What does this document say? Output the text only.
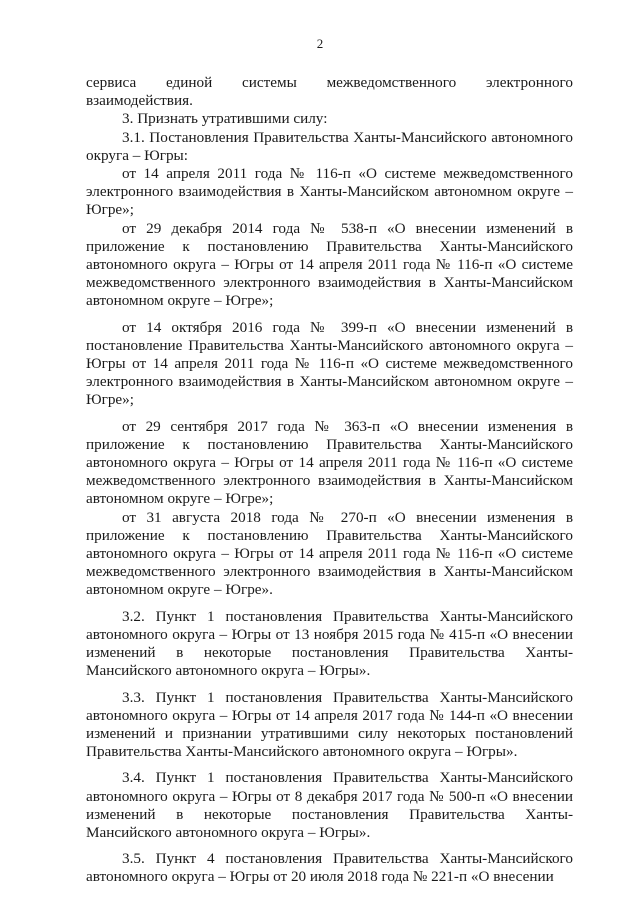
2

сервиса единой системы межведомственного электронного

взаимодействия.

3. Признать утратившими силу:

3.1. Постановления Правительства Ханты-Мансийского автономного округа – Югры:

от 14 апреля 2011 года № 116-п «О системе межведомственного электронного взаимодействия в Ханты-Мансийском автономном округе – Югре»;

от 29 декабря 2014 года № 538-п «О внесении изменений в приложение к постановлению Правительства Ханты-Мансийского автономного округа – Югры от 14 апреля 2011 года № 116-п «О системе межведомственного электронного взаимодействия в Ханты-Мансийском автономном округе – Югре»;

от 14 октября 2016 года № 399-п «О внесении изменений в постановление Правительства Ханты-Мансийского автономного округа – Югры от 14 апреля 2011 года № 116-п «О системе межведомственного электронного взаимодействия в Ханты-Мансийском автономном округе – Югре»;

от 29 сентября 2017 года № 363-п «О внесении изменения в приложение к постановлению Правительства Ханты-Мансийского автономного округа – Югры от 14 апреля 2011 года № 116-п «О системе межведомственного электронного взаимодействия в Ханты-Мансийском автономном округе – Югре»;

от 31 августа 2018 года № 270-п «О внесении изменения в приложение к постановлению Правительства Ханты-Мансийского автономного округа – Югры от 14 апреля 2011 года № 116-п «О системе межведомственного электронного взаимодействия в Ханты-Мансийском автономном округе – Югре».

3.2. Пункт 1 постановления Правительства Ханты-Мансийского автономного округа – Югры от 13 ноября 2015 года № 415-п «О внесении изменений в некоторые постановления Правительства Ханты-Мансийского автономного округа – Югры».

3.3. Пункт 1 постановления Правительства Ханты-Мансийского автономного округа – Югры от 14 апреля 2017 года № 144-п «О внесении изменений и признании утратившими силу некоторых постановлений Правительства Ханты-Мансийского автономного округа – Югры».

3.4. Пункт 1 постановления Правительства Ханты-Мансийского автономного округа – Югры от 8 декабря 2017 года № 500-п «О внесении изменений в некоторые постановления Правительства Ханты-Мансийского автономного округа – Югры».

3.5. Пункт 4 постановления Правительства Ханты-Мансийского автономного округа – Югры от 20 июля 2018 года № 221-п «О внесении
